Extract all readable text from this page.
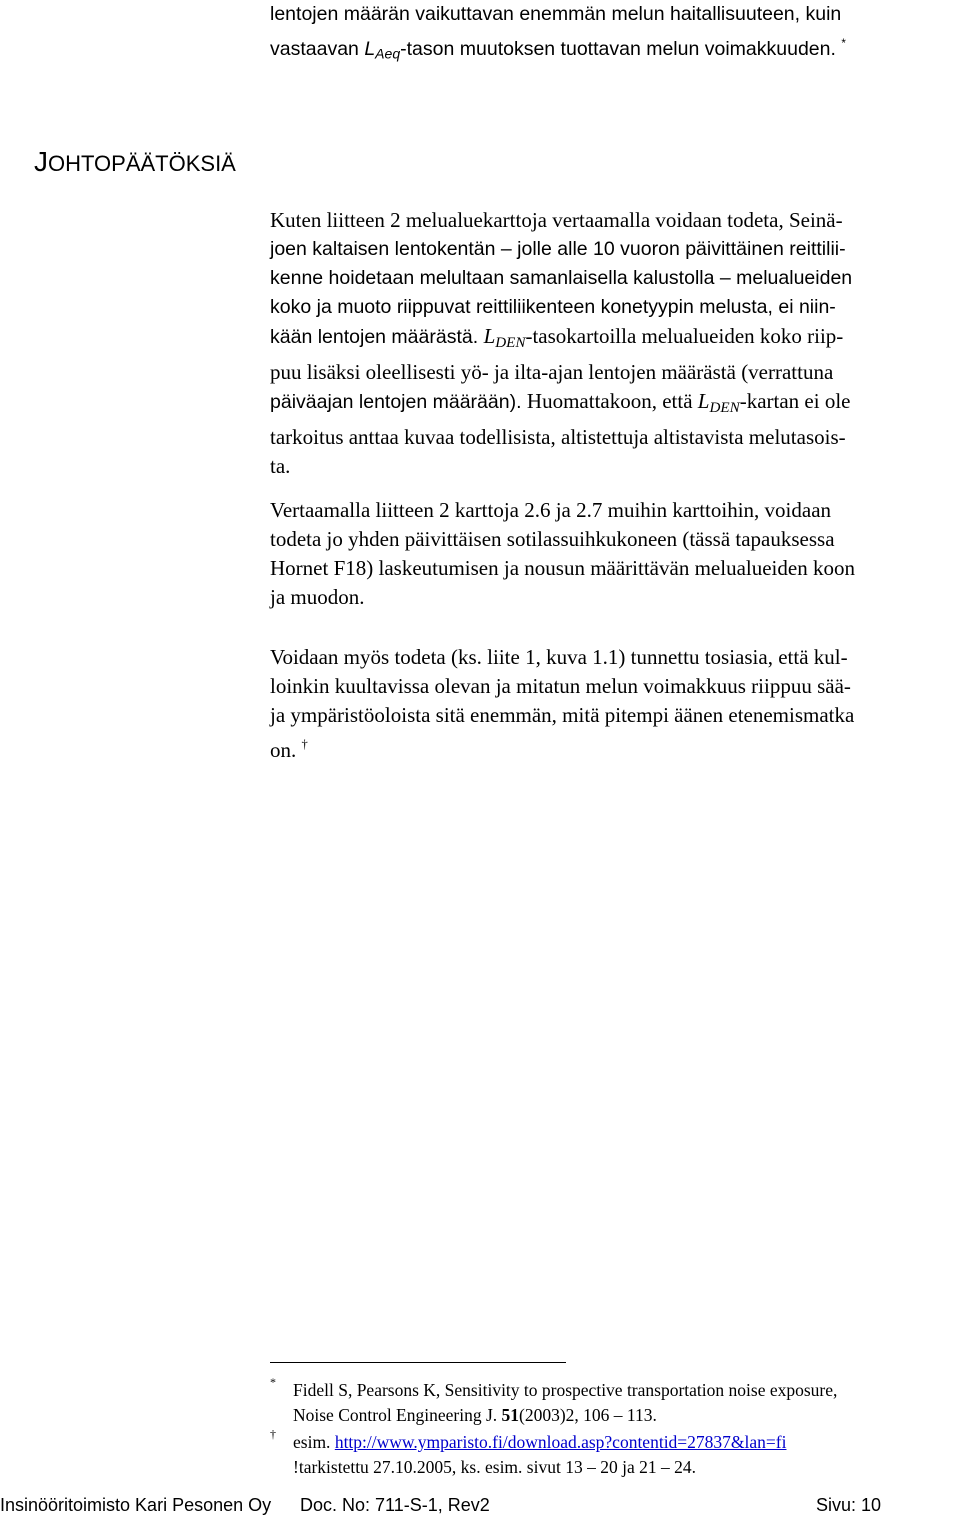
lentojen määrän vaikuttavan enemmän melun haitallisuuteen, kuin
vastaavan $L_{Aeq}$-tason muutoksen tuottavan melun voimakkuuden. *
JOHTOPÄÄTÖKSIÄ
Kuten liitteen 2 melualuekarttoja vertaamalla voidaan todeta, Seinä-
joen kaltaisen lentokentän – jolle alle 10 vuoron päivittäinen reittilii-
kenne hoidetaan melultaan samanlaisella kalustolla – melualueiden
koko ja muoto riippuvat reittiliikenteen konetyypin melusta, ei niin-
kään lentojen määrästä. $L_{DEN}$-tasokartoilla melualueiden koko riip-
puu lisäksi oleellisesti yö- ja ilta-ajan lentojen määrästä (verrattuna
päiväajan lentojen määrään). Huomattakoon, että $L_{DEN}$-kartan ei ole
tarkoitus anttaa kuvaa todellisista, altistettuja altistavista melutasois-
ta.
Vertaamalla liitteen 2 karttoja 2.6 ja 2.7 muihin karttoihin, voidaan
todeta jo yhden päivittäisen sotilassuihkukoneen (tässä tapauksessa
Hornet F18) laskeutumisen ja nousun määrittävän melualueiden koon
ja muodon.
Voidaan myös todeta (ks. liite 1, kuva 1.1) tunnettu tosiasia, että kul-
loinkin kuultavissa olevan ja mitatun melun voimakkuus riippuu sää-
ja ympäristöoloista sitä enemmän, mitä pitempi äänen etenemismatka
on. †
* Fidell S, Pearsons K, Sensitivity to prospective transportation noise exposure,
Noise Control Engineering J. 51(2003)2, 106 – 113.
† esim. http://www.ymparisto.fi/download.asp?contentid=27837&lan=fi
!tarkistettu 27.10.2005, ks. esim. sivut 13 – 20 ja 21 – 24.
Insinööritoimisto Kari Pesonen Oy Doc. No: 711-S-1, Rev2	Sivu: 10
